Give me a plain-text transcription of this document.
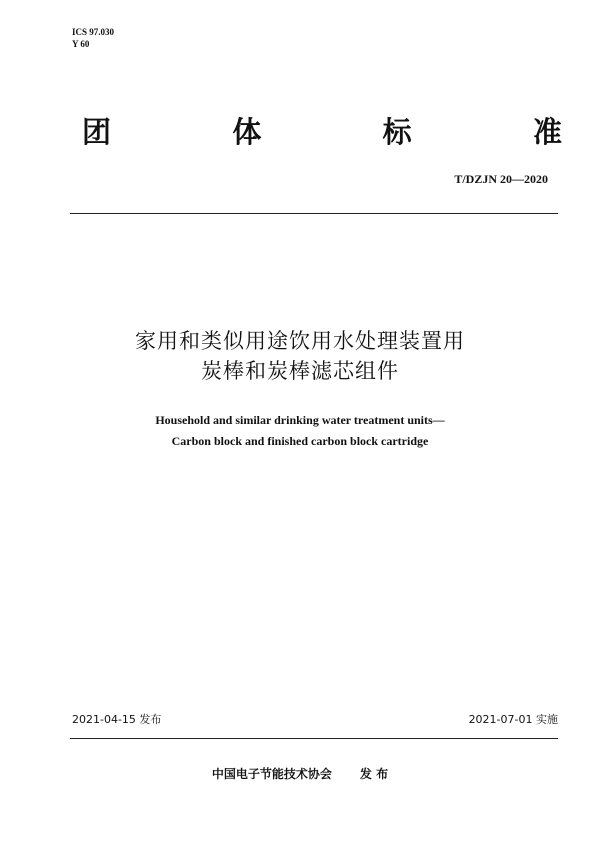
ICS 97.030
Y 60
团	体	标	准
T/DZJN 20—2020
家用和类似用途饮用水处理装置用
炭棒和炭棒滤芯组件
Household and similar drinking water treatment units—
Carbon block and finished carbon block cartridge
2021-04-15 发布	2021-07-01 实施
中国电子节能技术协会 发 布
